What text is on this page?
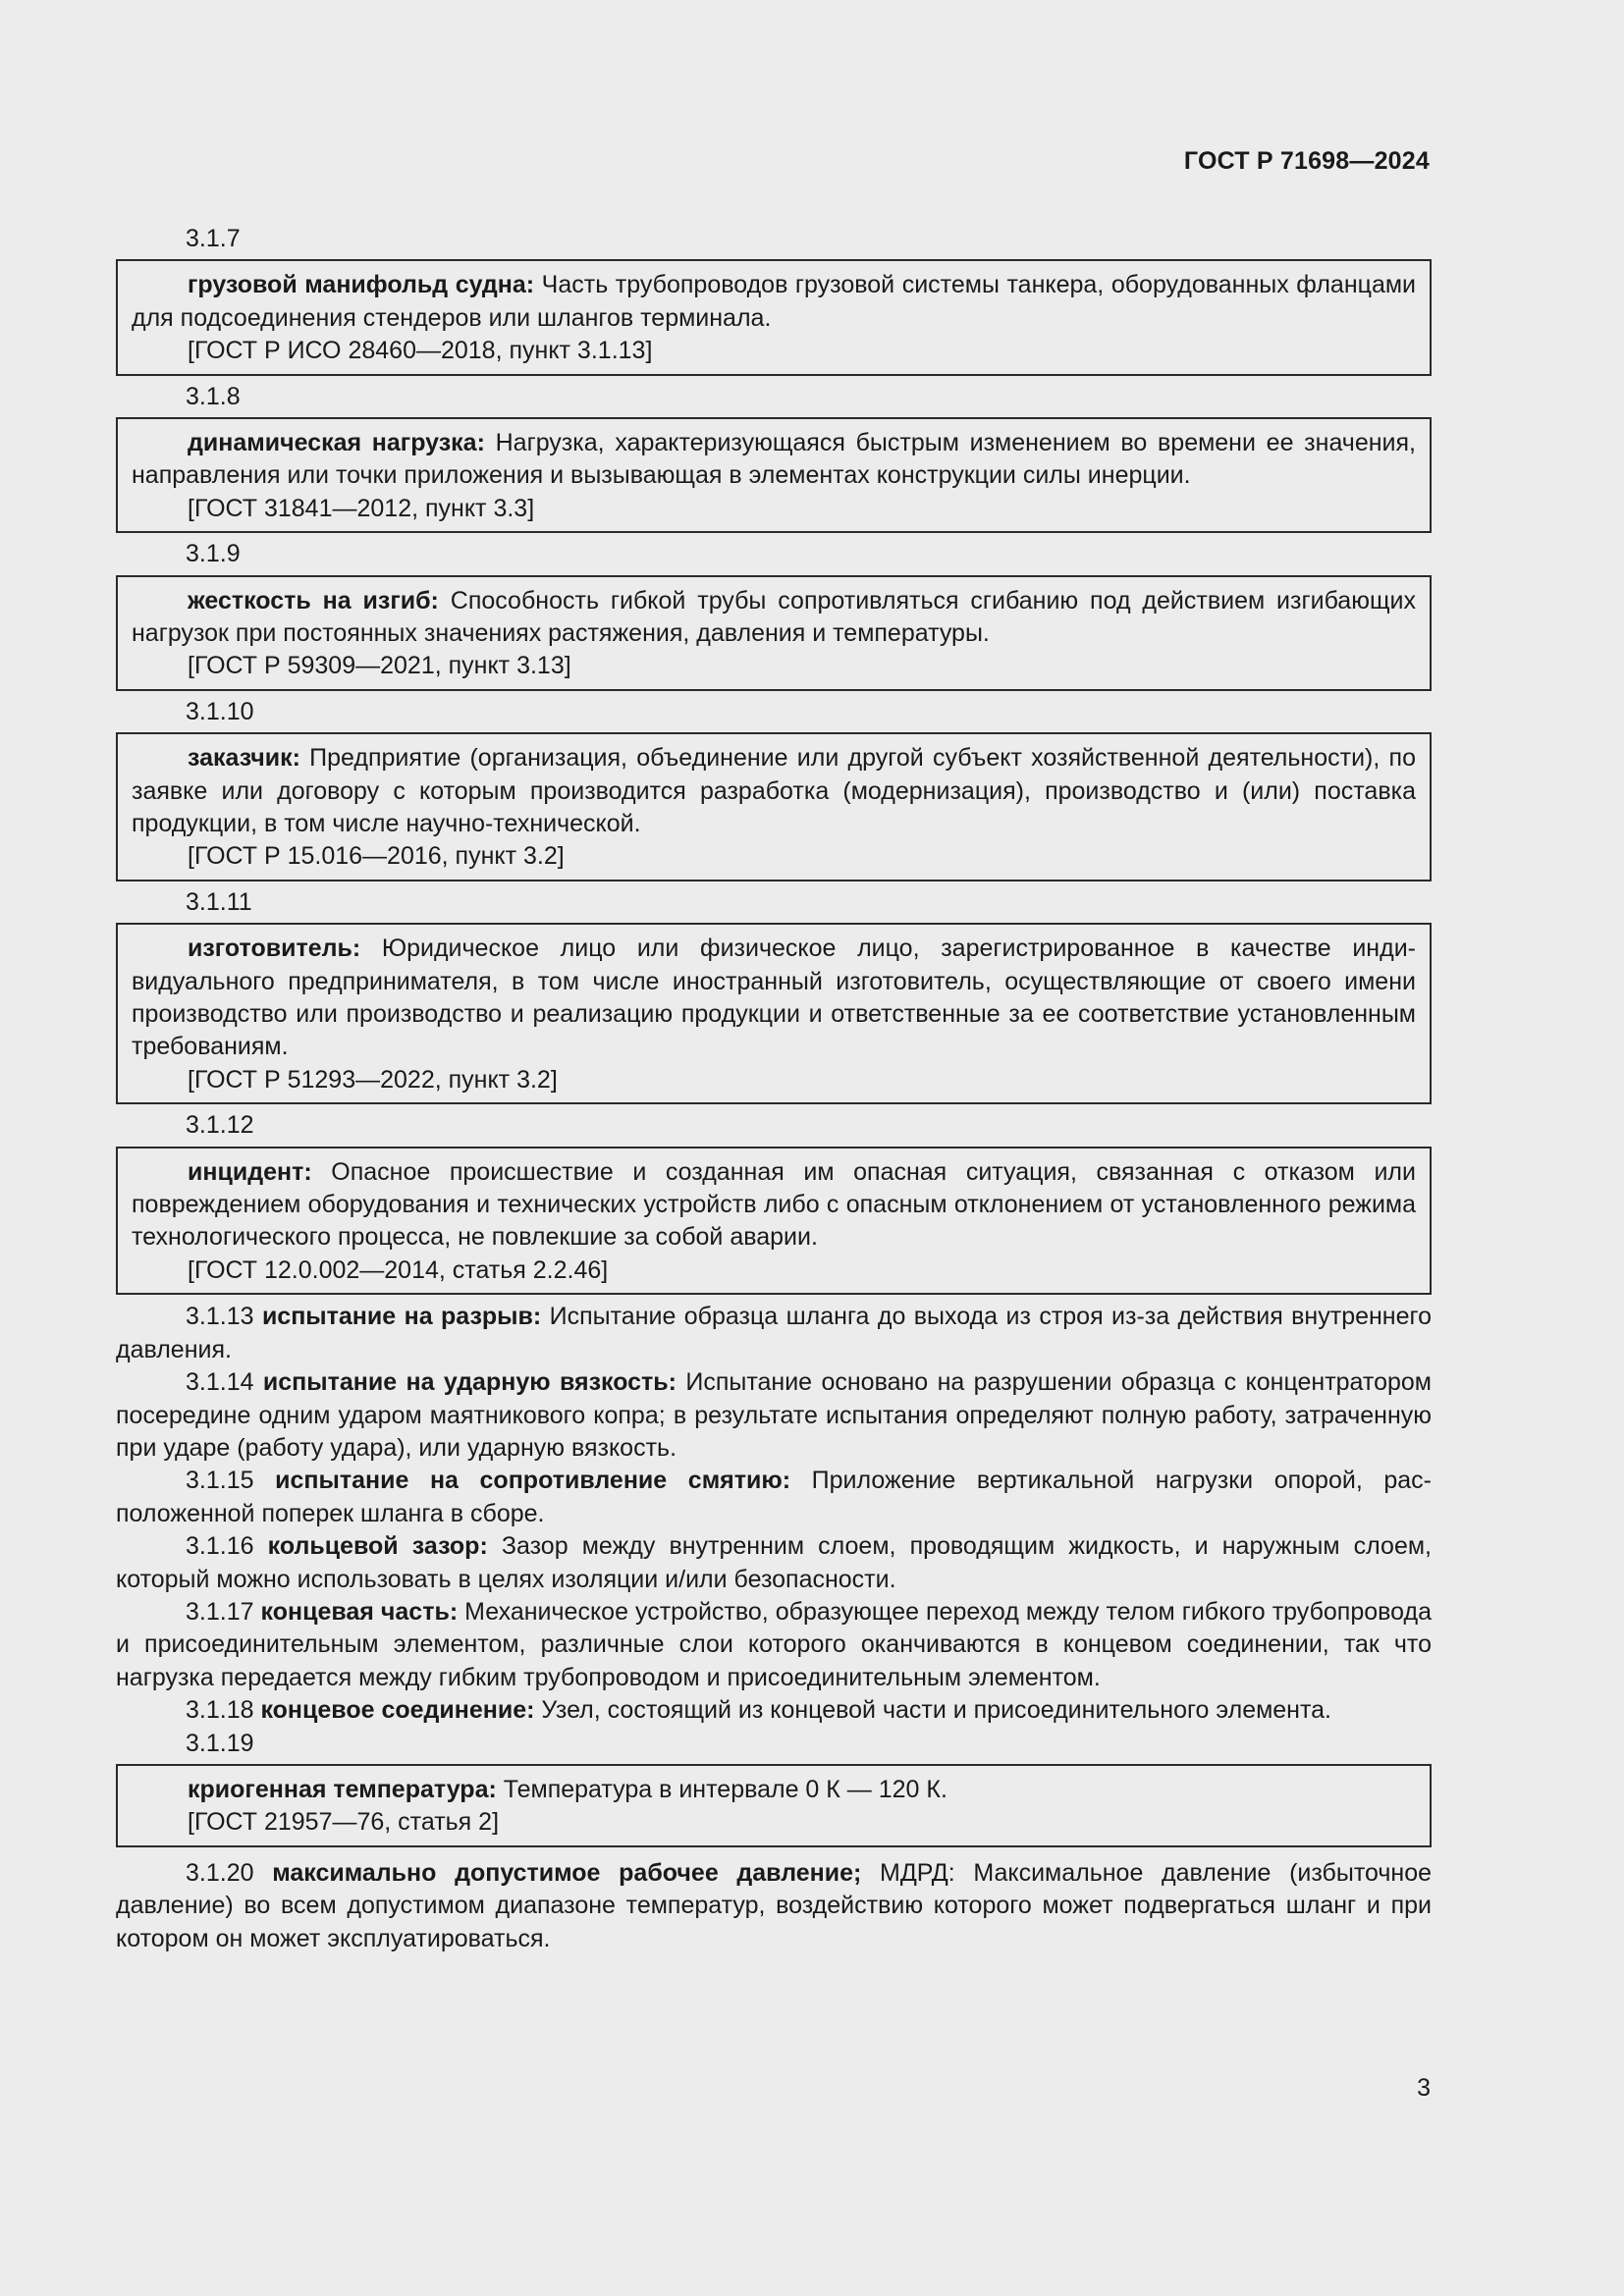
ГОСТ Р 71698—2024
3.1.7

грузовой манифольд судна: Часть трубопроводов грузовой системы танкера, оборудованных фланцами для подсоединения стендеров или шлангов терминала.

[ГОСТ Р ИСО 28460—2018, пункт 3.1.13]

3.1.8

динамическая нагрузка: Нагрузка, характеризующаяся быстрым изменением во времени ее значения, направления или точки приложения и вызывающая в элементах конструкции силы инерции.

[ГОСТ 31841—2012, пункт 3.3]

3.1.9

жесткость на изгиб: Способность гибкой трубы сопротивляться сгибанию под действием изгибающих нагрузок при постоянных значениях растяжения, давления и температуры.

[ГОСТ Р 59309—2021, пункт 3.13]

3.1.10

заказчик: Предприятие (организация, объединение или другой субъект хозяйственной деятельности), по заявке или договору с которым производится разработка (модернизация), производство и (или) поставка продукции, в том числе научно-технической.

[ГОСТ Р 15.016—2016, пункт 3.2]

3.1.11

изготовитель: Юридическое лицо или физическое лицо, зарегистрированное в качестве индивидуального предпринимателя, в том числе иностранный изготовитель, осуществляющие от своего имени производство или производство и реализацию продукции и ответственные за ее соответствие установленным требованиям.

[ГОСТ Р 51293—2022, пункт 3.2]

3.1.12

инцидент: Опасное происшествие и созданная им опасная ситуация, связанная с отказом или повреждением оборудования и технических устройств либо с опасным отклонением от установленного режима технологического процесса, не повлекшие за собой аварии.

[ГОСТ 12.0.002—2014, статья 2.2.46]

3.1.13 испытание на разрыв: Испытание образца шланга до выхода из строя из-за действия внутреннего давления.

3.1.14 испытание на ударную вязкость: Испытание основано на разрушении образца с концентратором посередине одним ударом маятникового копра; в результате испытания определяют полную работу, затраченную при ударе (работу удара), или ударную вязкость.

3.1.15 испытание на сопротивление смятию: Приложение вертикальной нагрузки опорой, расположенной поперек шланга в сборе.

3.1.16 кольцевой зазор: Зазор между внутренним слоем, проводящим жидкость, и наружным слоем, который можно использовать в целях изоляции и/или безопасности.

3.1.17 концевая часть: Механическое устройство, образующее переход между телом гибкого трубопровода и присоединительным элементом, различные слои которого оканчиваются в концевом соединении, так что нагрузка передается между гибким трубопроводом и присоединительным элементом.

3.1.18 концевое соединение: Узел, состоящий из концевой части и присоединительного элемента.

3.1.19

криогенная температура: Температура в интервале 0 К — 120 К.

[ГОСТ 21957—76, статья 2]

3.1.20 максимально допустимое рабочее давление; МДРД: Максимальное давление (избыточное давление) во всем допустимом диапазоне температур, воздействию которого может подвергаться шланг и при котором он может эксплуатироваться.

3
